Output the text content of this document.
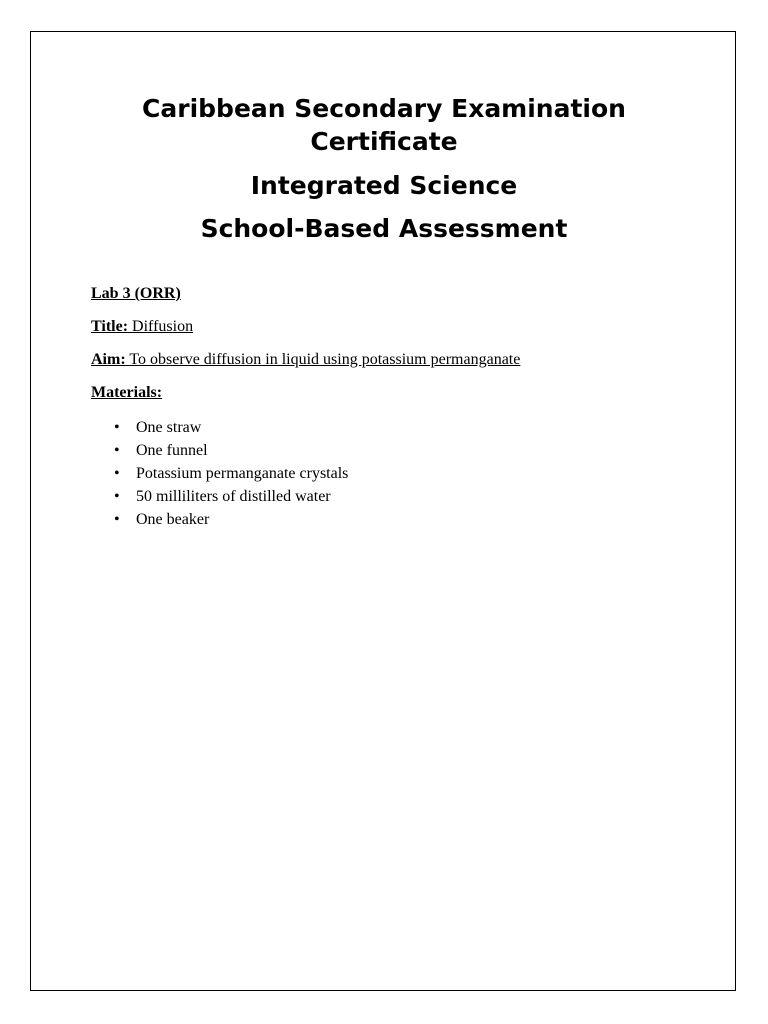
Caribbean Secondary Examination Certificate
Integrated Science
School-Based Assessment

Lab 3 (ORR)

Title: Diffusion

Aim: To observe diffusion in liquid using potassium permanganate

Materials:

• One straw
• One funnel
• Potassium permanganate crystals
• 50 milliliters of distilled water
• One beaker
